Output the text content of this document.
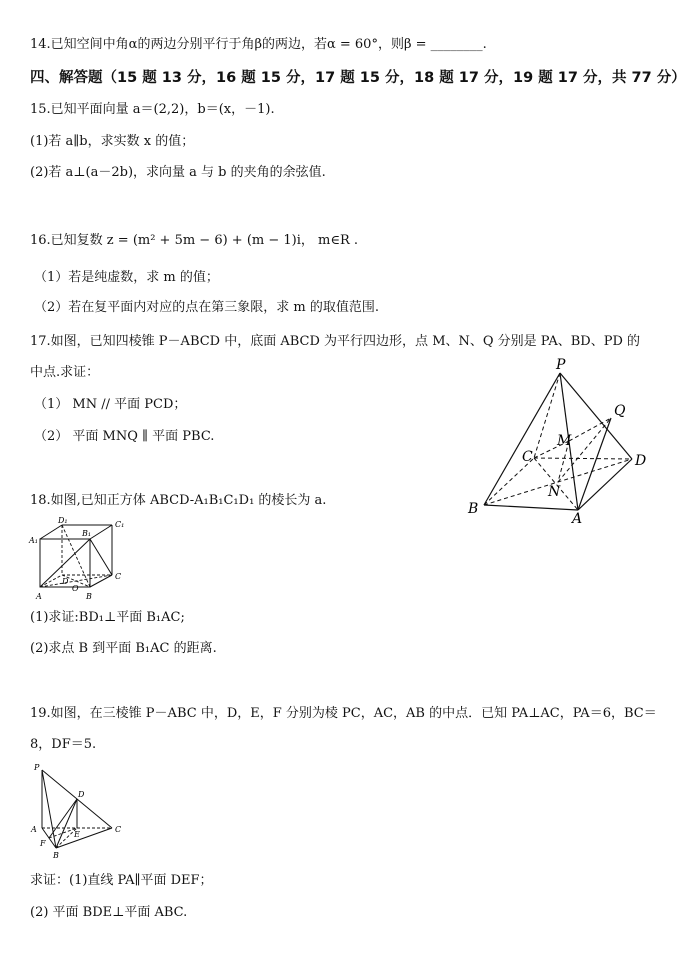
14.已知空间中角α的两边分别平行于角β的两边，若α = 60°，则β = ________.
四、解答题（15 题 13 分，16 题 15 分，17 题 15 分，18 题 17 分，19 题 17 分，共 77 分）
15.已知平面向量 a＝(2,2)，b＝(x，－1).
(1)若 a∥b，求实数 x 的值；
(2)若 a⊥(a－2b)，求向量 a 与 b 的夹角的余弦值.
16.已知复数 z = (m² + 5m − 6) + (m − 1)i， m∈R .
（1）若是纯虚数，求 m 的值；
（2）若在复平面内对应的点在第三象限，求 m 的取值范围.
17.如图，已知四棱锥 P－ABCD 中，底面 ABCD 为平行四边形，点 M、N、Q 分别是 PA、BD、PD 的
中点.求证：
（1） MN // 平面 PCD；
（2） 平面 MNQ ∥ 平面 PBC.
P
Q
M
C	D
N
B
A
18.如图,已知正方体 ABCD-A₁B₁C₁D₁ 的棱长为 a.
D₁	C₁
A₁
B₁
D
C
O
A	B
(1)求证:BD₁⊥平面 B₁AC;
(2)求点 B 到平面 B₁AC 的距离.
19.如图，在三棱锥 P－ABC 中，D，E，F 分别为棱 PC，AC，AB 的中点．已知 PA⊥AC，PA＝6，BC＝
8，DF＝5.
P
D
A	C
E
F
B
求证：(1)直线 PA∥平面 DEF；
(2) 平面 BDE⊥平面 ABC.
